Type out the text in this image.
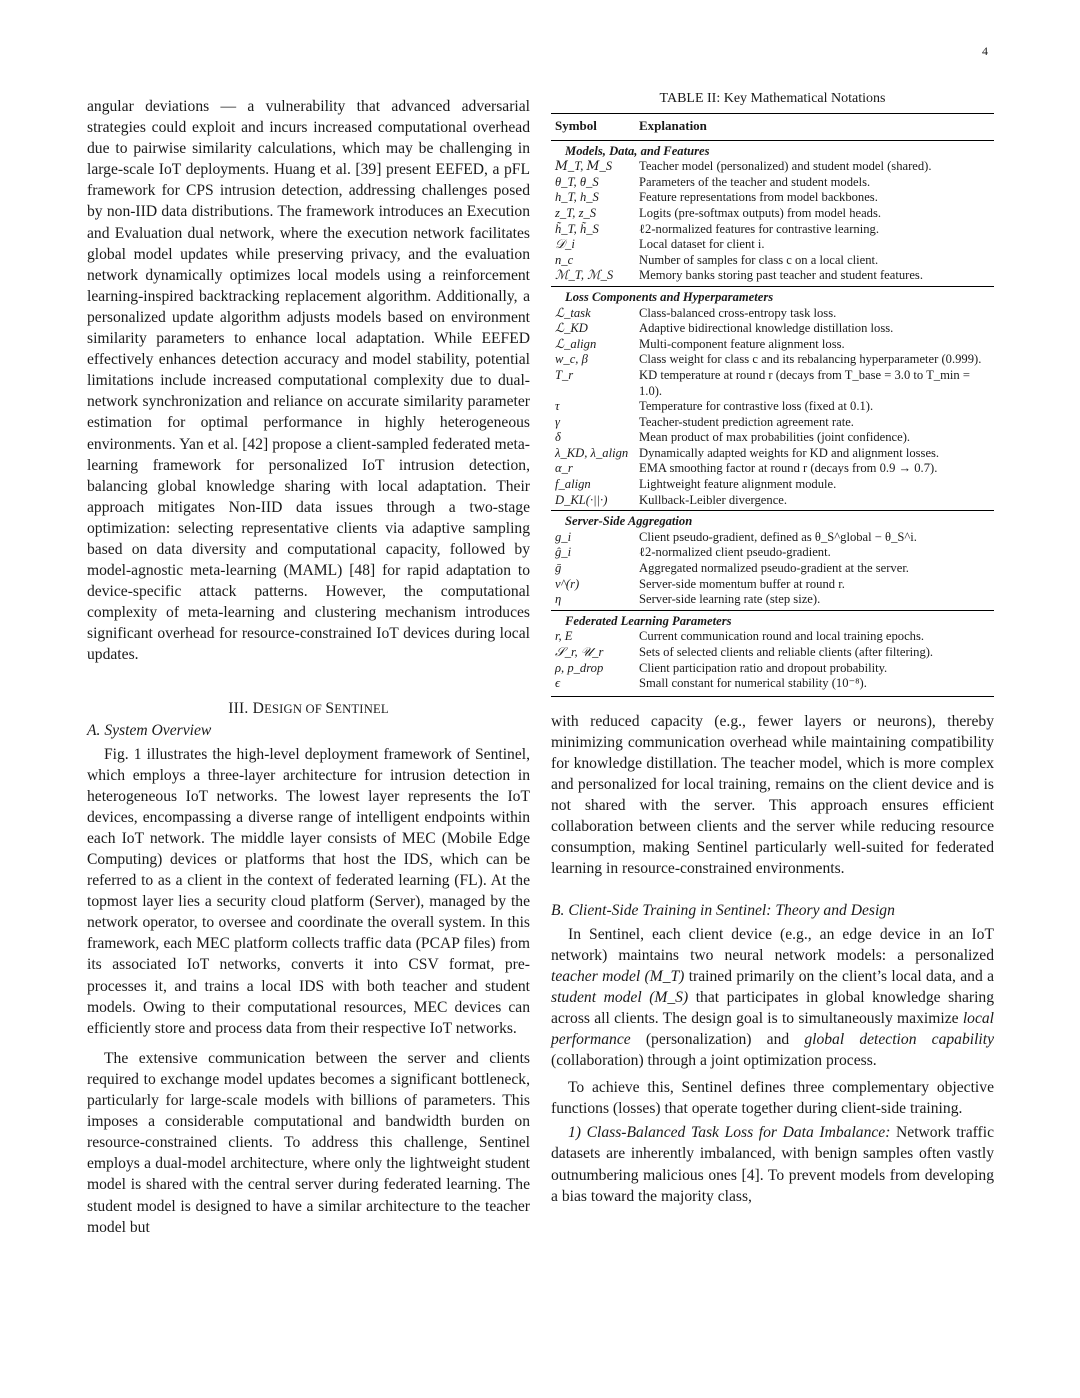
4

angular deviations — a vulnerability that advanced adversarial strategies could exploit and incurs increased computational overhead due to pairwise similarity calculations, which may be challenging in large-scale IoT deployments. Huang et al. [39] present EEFED, a pFL framework for CPS intrusion detection, addressing challenges posed by non-IID data distributions. The framework introduces an Execution and Evaluation dual network, where the execution network facilitates global model updates while preserving privacy, and the evaluation network dynamically optimizes local models using a reinforcement learning-inspired backtracking replacement algorithm. Additionally, a personalized update algorithm adjusts models based on environment similarity parameters to enhance local adaptation. While EEFED effectively enhances detection accuracy and model stability, potential limitations include increased computational complexity due to dual-network synchronization and reliance on accurate similarity parameter estimation for optimal performance in highly heterogeneous environments. Yan et al. [42] propose a client-sampled federated meta-learning framework for personalized IoT intrusion detection, balancing global knowledge sharing with local adaptation. Their approach mitigates Non-IID data issues through a two-stage optimization: selecting representative clients via adaptive sampling based on data diversity and computational capacity, followed by model-agnostic meta-learning (MAML) [48] for rapid adaptation to device-specific attack patterns. However, the computational complexity of meta-learning and clustering mechanism introduces significant overhead for resource-constrained IoT devices during local updates.

III. DESIGN OF SENTINEL
A. System Overview

Fig. 1 illustrates the high-level deployment framework of Sentinel, which employs a three-layer architecture for intrusion detection in heterogeneous IoT networks. The lowest layer represents the IoT devices, encompassing a diverse range of intelligent endpoints within each IoT network. The middle layer consists of MEC (Mobile Edge Computing) devices or platforms that host the IDS, which can be referred to as a client in the context of federated learning (FL). At the topmost layer lies a security cloud platform (Server), managed by the network operator, to oversee and coordinate the overall system. In this framework, each MEC platform collects traffic data (PCAP files) from its associated IoT networks, converts it into CSV format, pre-processes it, and trains a local IDS with both teacher and student models. Owing to their computational resources, MEC devices can efficiently store and process data from their respective IoT networks.

The extensive communication between the server and clients required to exchange model updates becomes a significant bottleneck, particularly for large-scale models with billions of parameters. This imposes a considerable computational and bandwidth burden on resource-constrained clients. To address this challenge, Sentinel employs a dual-model architecture, where only the lightweight student model is shared with the central server during federated learning. The student model is designed to have a similar architecture to the teacher model but

TABLE II: Key Mathematical Notations
Symbol	Explanation
Models, Data, and Features	
𝑀_T, 𝑀_S	Teacher model (personalized) and student model (shared).
θ_T, θ_S	Parameters of the teacher and student models.
h_T, h_S	Feature representations from model backbones.
z_T, z_S	Logits (pre-softmax outputs) from model heads.
h̃_T, h̃_S	ℓ2-normalized features for contrastive learning.
𝒟_i	Local dataset for client i.
n_c	Number of samples for class c on a local client.
ℳ_T, ℳ_S	Memory banks storing past teacher and student features.
Loss Components and Hyperparameters	
ℒ_task	Class-balanced cross-entropy task loss.
ℒ_KD	Adaptive bidirectional knowledge distillation loss.
ℒ_align	Multi-component feature alignment loss.
w_c, β	Class weight for class c and its rebalancing hyperparameter (0.999).
T_r	KD temperature at round r (decays from T_base = 3.0 to T_min = 1.0).
τ	Temperature for contrastive loss (fixed at 0.1).
γ	Teacher-student prediction agreement rate.
δ	Mean product of max probabilities (joint confidence).
λ_KD, λ_align	Dynamically adapted weights for KD and alignment losses.
α_r	EMA smoothing factor at round r (decays from 0.9 → 0.7).
f_align	Lightweight feature alignment module.
D_KL(·||·)	Kullback-Leibler divergence.
Server-Side Aggregation	
g_i	Client pseudo-gradient, defined as θ_S^global − θ_S^i.
ĝ_i	ℓ2-normalized client pseudo-gradient.
ḡ	Aggregated normalized pseudo-gradient at the server.
v^(r)	Server-side momentum buffer at round r.
η	Server-side learning rate (step size).
Federated Learning Parameters	
r, E	Current communication round and local training epochs.
𝒮_r, 𝒰_r	Sets of selected clients and reliable clients (after filtering).
ρ, p_drop	Client participation ratio and dropout probability.
ϵ	Small constant for numerical stability (10⁻⁸).

with reduced capacity (e.g., fewer layers or neurons), thereby minimizing communication overhead while maintaining compatibility for knowledge distillation. The teacher model, which is more complex and personalized for local training, remains on the client device and is not shared with the server. This approach ensures efficient collaboration between clients and the server while reducing resource consumption, making Sentinel particularly well-suited for federated learning in resource-constrained environments.

B. Client-Side Training in Sentinel: Theory and Design

In Sentinel, each client device (e.g., an edge device in an IoT network) maintains two neural network models: a personalized teacher model (M_T) trained primarily on the client’s local data, and a student model (M_S) that participates in global knowledge sharing across all clients. The design goal is to simultaneously maximize local performance (personalization) and global detection capability (collaboration) through a joint optimization process.

To achieve this, Sentinel defines three complementary objective functions (losses) that operate together during client-side training.

1) Class-Balanced Task Loss for Data Imbalance: Network traffic datasets are inherently imbalanced, with benign samples often vastly outnumbering malicious ones [4]. To prevent models from developing a bias toward the majority class,
